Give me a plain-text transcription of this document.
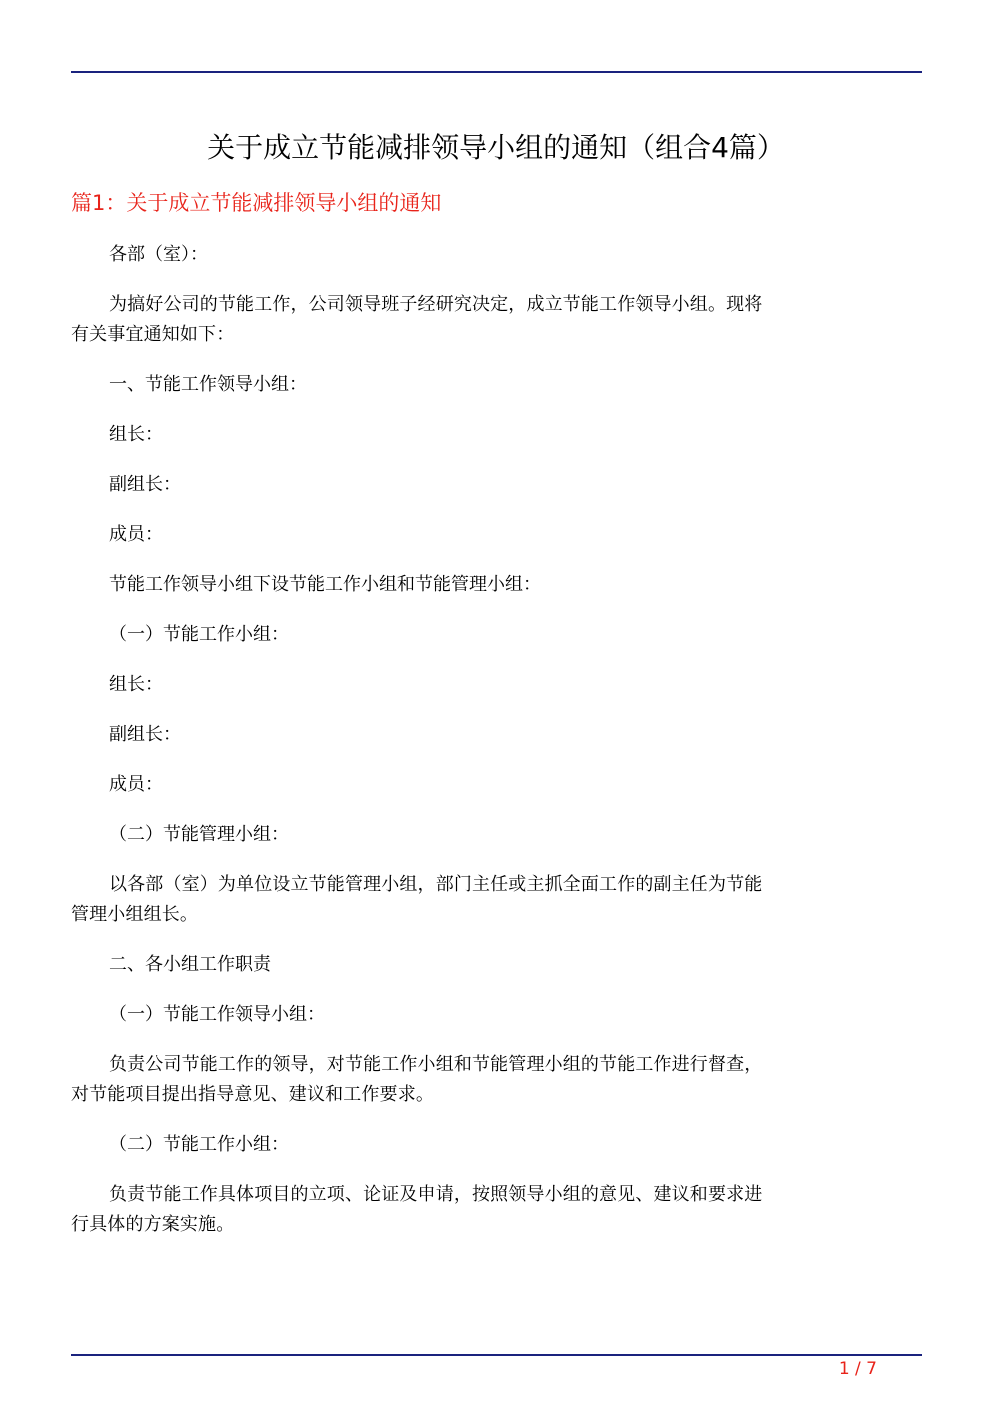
关于成立节能减排领导小组的通知（组合4篇）
篇1：关于成立节能减排领导小组的通知

各部（室）：

为搞好公司的节能工作，公司领导班子经研究决定，成立节能工作领导小组。现将有关事宜通知如下：

一、节能工作领导小组：

组长：

副组长：

成员：

节能工作领导小组下设节能工作小组和节能管理小组：

（一）节能工作小组：

组长：

副组长：

成员：

（二）节能管理小组：

以各部（室）为单位设立节能管理小组，部门主任或主抓全面工作的副主任为节能管理小组组长。

二、各小组工作职责

（一）节能工作领导小组：

负责公司节能工作的领导，对节能工作小组和节能管理小组的节能工作进行督查，对节能项目提出指导意见、建议和工作要求。

（二）节能工作小组：

负责节能工作具体项目的立项、论证及申请，按照领导小组的意见、建议和要求进行具体的方案实施。

1 / 7
